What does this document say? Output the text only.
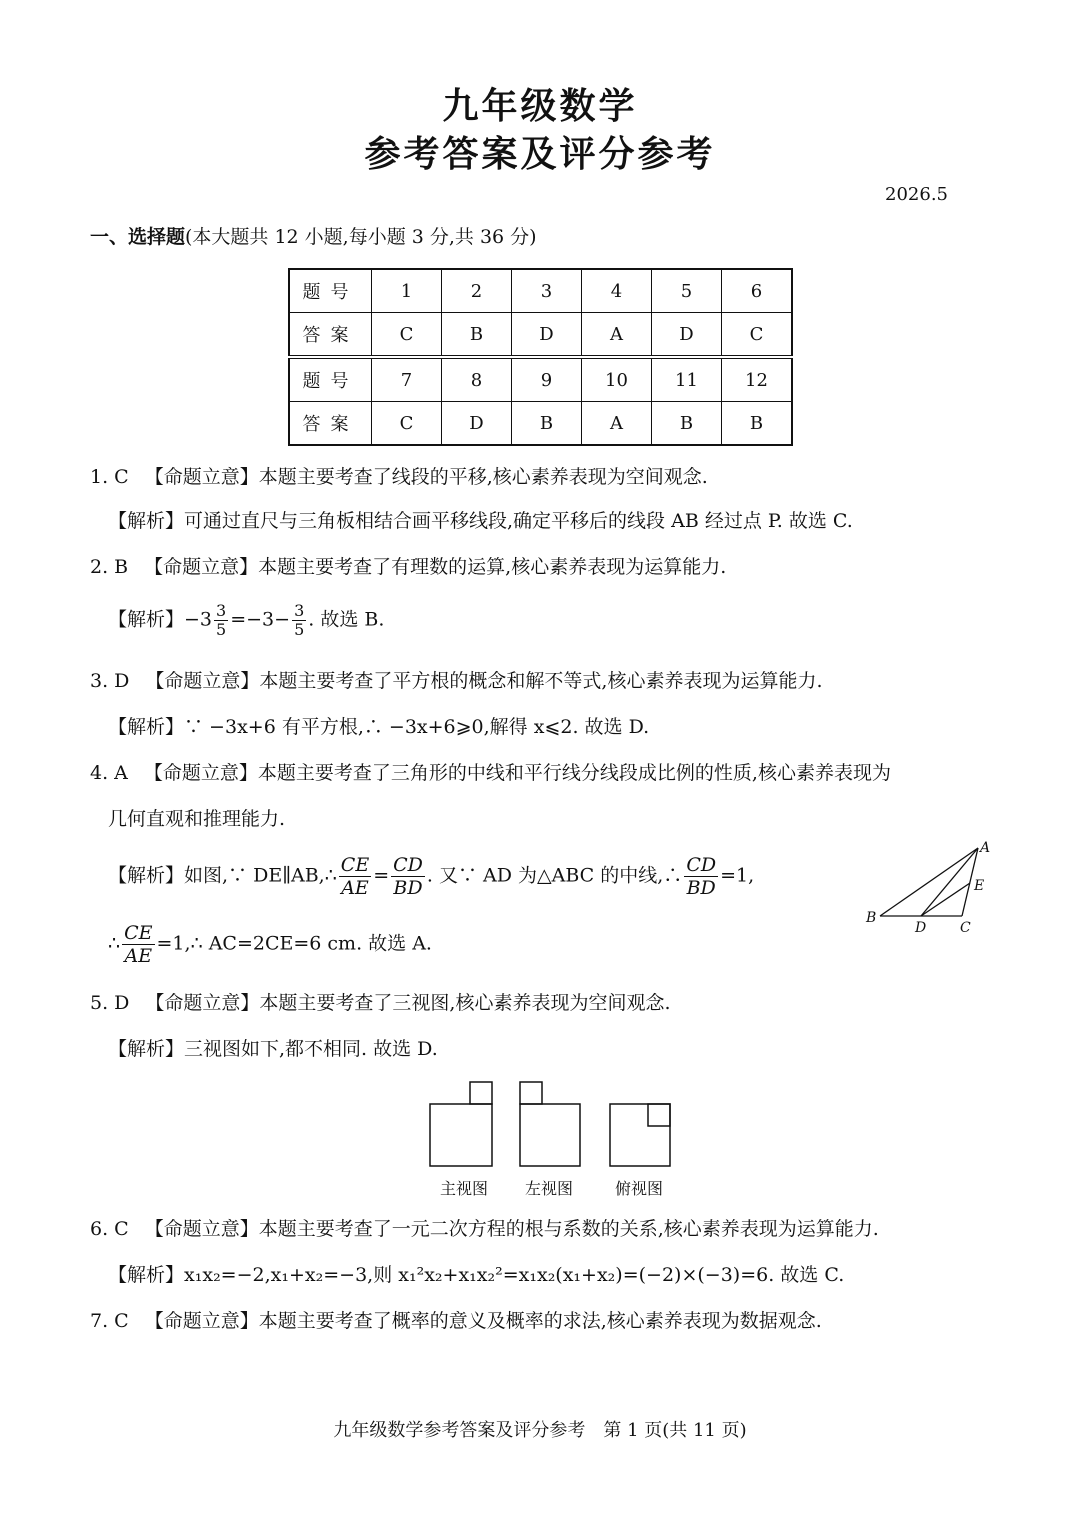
九年级数学
参考答案及评分参考
2026.5
一、选择题(本大题共 12 小题,每小题 3 分,共 36 分)
题号	1	2	3	4	5	6
答案	C	B	D	A	D	C
题号	7	8	9	10	11	12
答案	C	D	B	A	B	B
1. C 【命题立意】本题主要考查了线段的平移,核心素养表现为空间观念.
【解析】可通过直尺与三角板相结合画平移线段,确定平移后的线段 AB 经过点 P. 故选 C.
2. B 【命题立意】本题主要考查了有理数的运算,核心素养表现为运算能力.
【解析】$-3 \frac{3}{5} =-3- \frac{3}{5}$ . 故选 B.
3. D 【命题立意】本题主要考查了平方根的概念和解不等式,核心素养表现为运算能力.
【解析】∵ −3x+6 有平方根,∴ −3x+6⩾0,解得 x⩽2. 故选 D.
4. A 【命题立意】本题主要考查了三角形的中线和平行线分线段成比例的性质,核心素养表现为
几何直观和推理能力.
【解析】如图,∵ DE∥AB,∴ $\frac{CE}{AE} = \frac{CD}{BD}$ . 又∵ AD 为△ABC 的中线,∴ $\frac{CD}{BD} =1$,
∴ $\frac{CE}{AE}$ =1,∴ AC=2CE=6 cm. 故选 A.
A
B
C
D
E
5. D 【命题立意】本题主要考查了三视图,核心素养表现为空间观念.
【解析】三视图如下,都不相同. 故选 D.
主视图 左视图	俯视图
6. C 【命题立意】本题主要考查了一元二次方程的根与系数的关系,核心素养表现为运算能力.
【解析】x₁x₂=−2,x₁+x₂=−3,则 x₁²x₂+x₁x₂²=x₁x₂(x₁+x₂)=(−2)×(−3)=6. 故选 C.
7. C 【命题立意】本题主要考查了概率的意义及概率的求法,核心素养表现为数据观念.
九年级数学参考答案及评分参考　第 1 页(共 11 页)
